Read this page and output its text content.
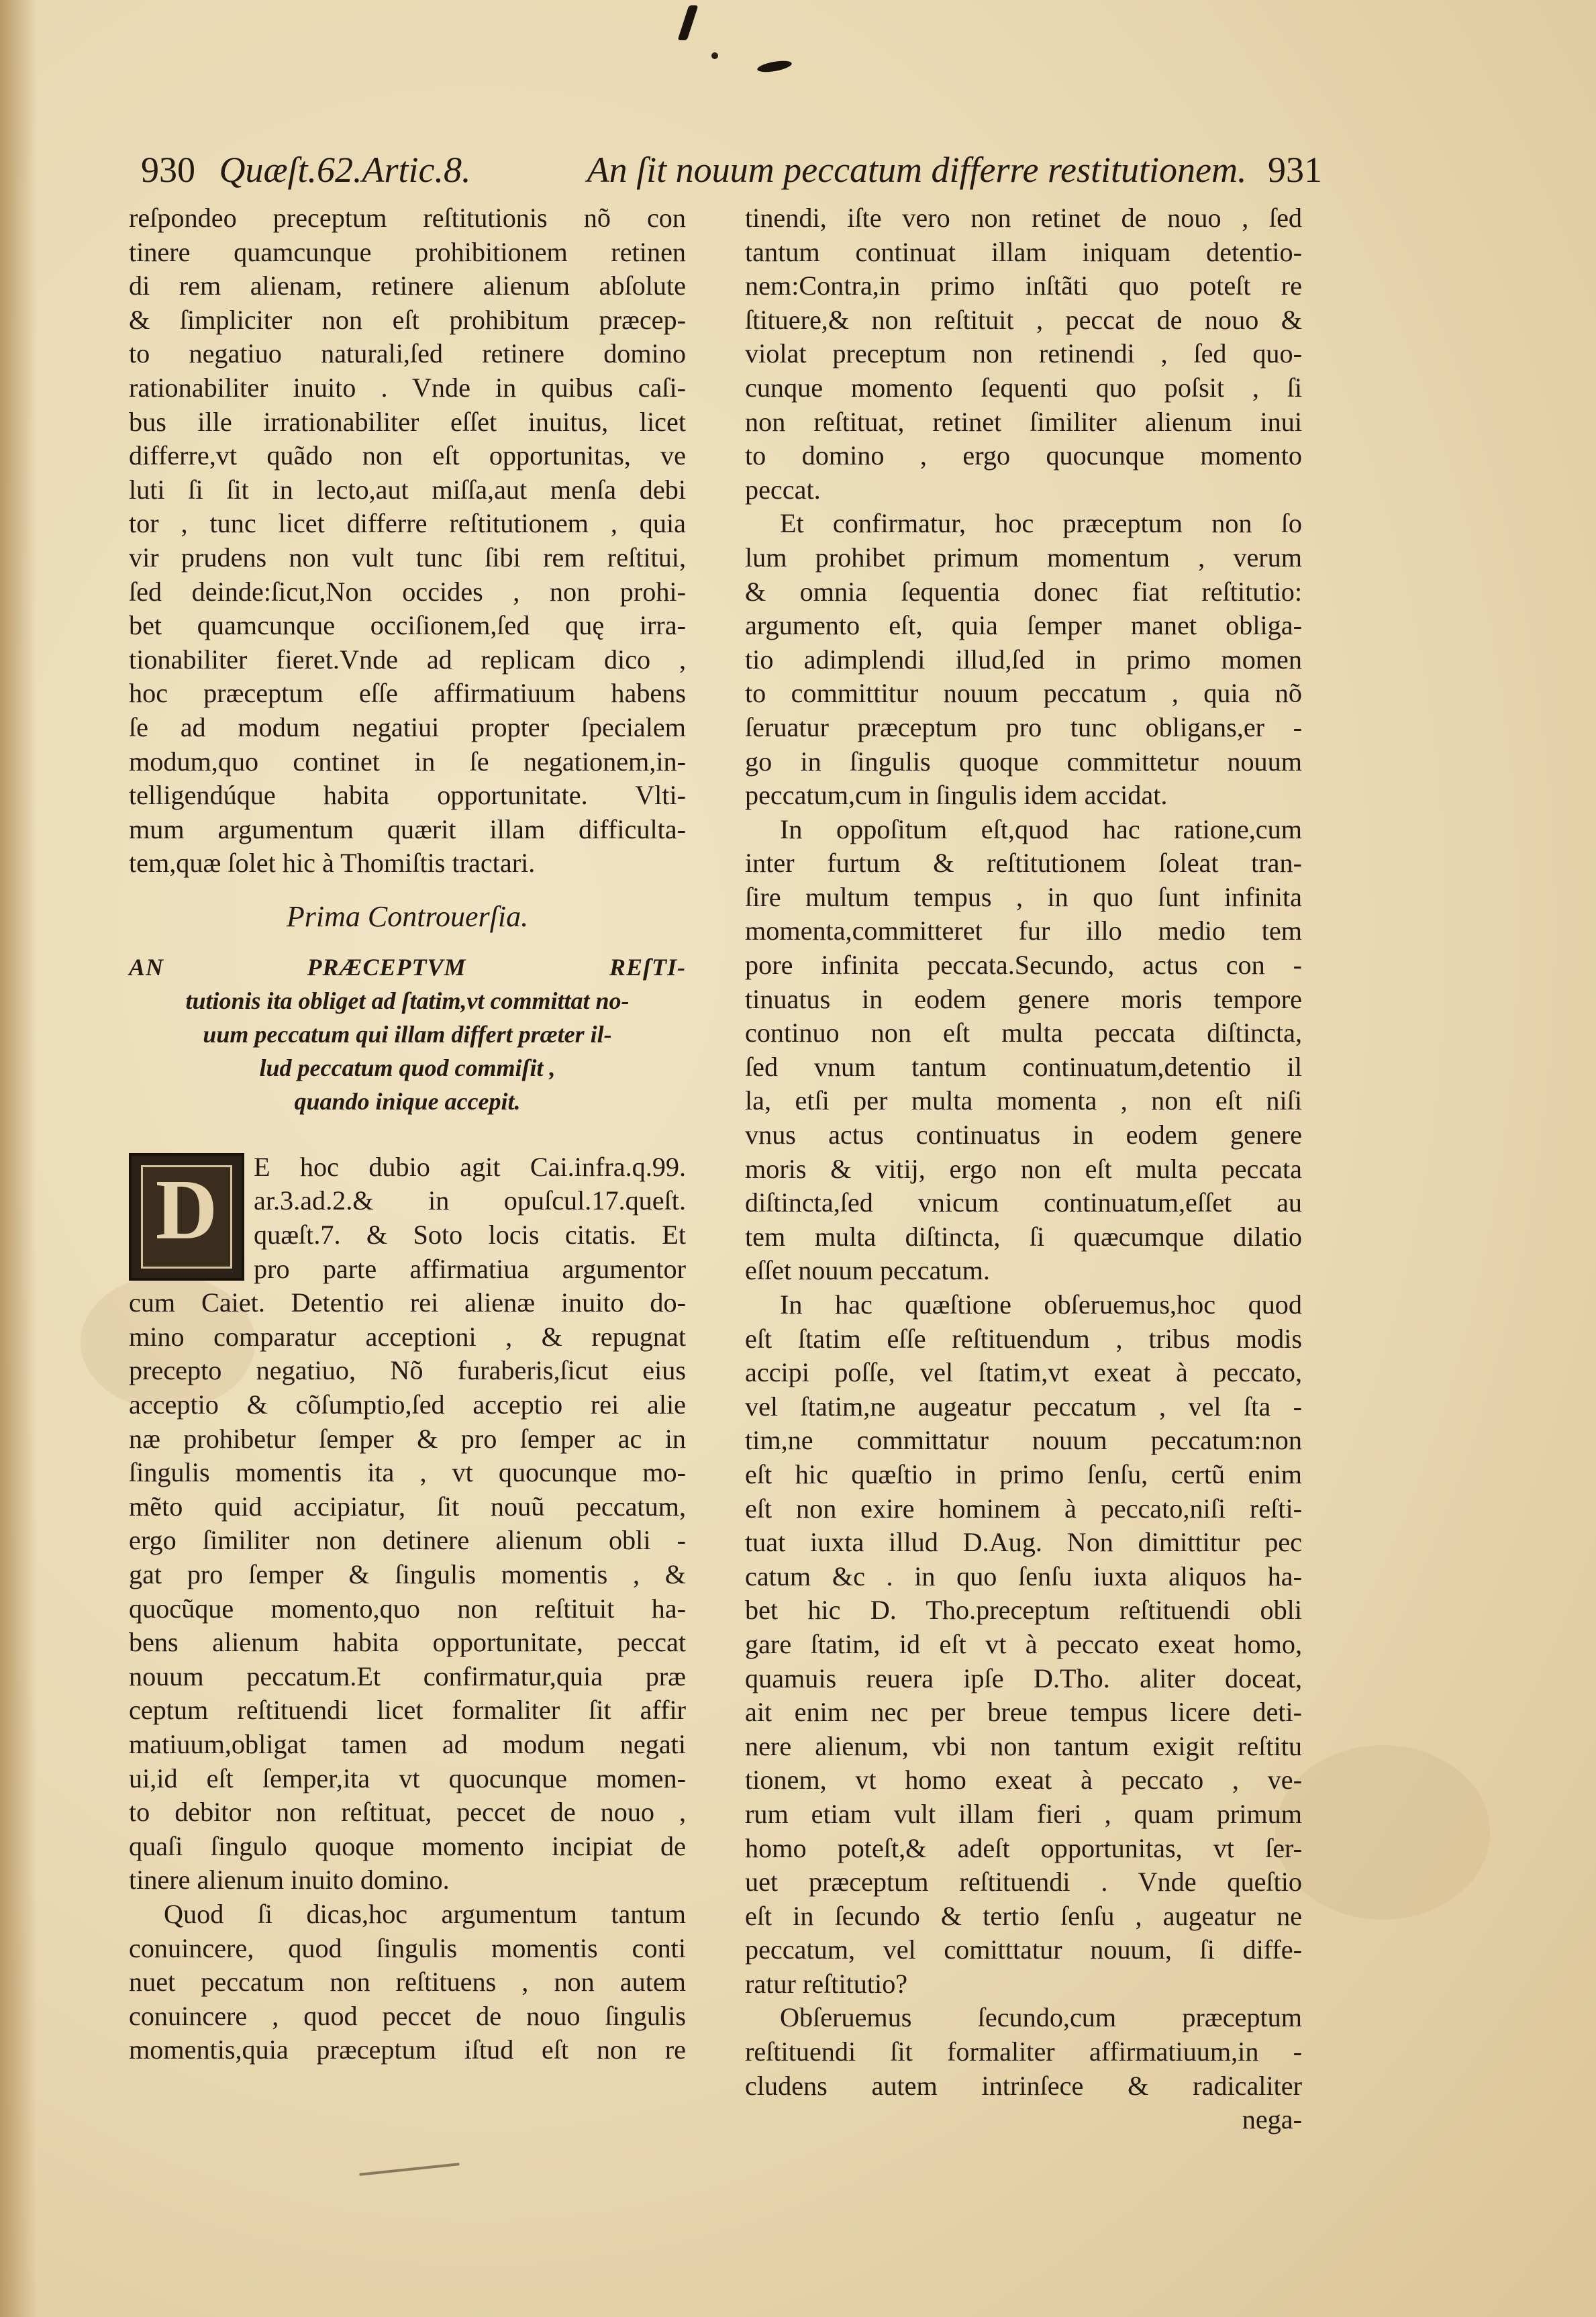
930 Quæſt.62.Artic.8.	An ſit nouum peccatum differre restitutionem. 931
reſpondeo preceptum reſtitutionis nõ con
tinere quamcunque prohibitionem retinen
di rem alienam, retinere alienum abſolute
& ſimpliciter non eſt prohibitum præcep-
to negatiuo naturali,ſed retinere domino
rationabiliter inuito . Vnde in quibus caſi-
bus ille irrationabiliter eſſet inuitus, licet
differre,vt quãdo non eſt opportunitas, ve
luti ſi ſit in lecto,aut miſſa,aut menſa debi
tor , tunc licet differre reſtitutionem , quia
vir prudens non vult tunc ſibi rem reſtitui,
ſed deinde:ſicut,Non occides , non prohi-
bet quamcunque occiſionem,ſed quę irra-
tionabiliter fieret.Vnde ad replicam dico ,
hoc præceptum eſſe affirmatiuum habens
ſe ad modum negatiui propter ſpecialem
modum,quo continet in ſe negationem,in-
telligendúque habita opportunitate. Vlti-
mum argumentum quærit illam difficulta-
tem,quæ ſolet hic à Thomiſtis tractari.
Prima Controuerſia.
AN PRÆCEPTVM REſTI-
tutionis ita obliget ad ſtatim,vt committat no-
uum peccatum qui illam differt præter il-
lud peccatum quod commiſit ,
quando inique accepit.
D	E hoc dubio agit Cai.infra.q.99.
ar.3.ad.2.& in opuſcul.17.queſt.
quæſt.7. & Soto locis citatis. Et
pro parte affirmatiua argumentor
cum Caiet. Detentio rei alienæ inuito do-
mino comparatur acceptioni , & repugnat
precepto negatiuo, Nõ furaberis,ſicut eius
acceptio & cõſumptio,ſed acceptio rei alie
næ prohibetur ſemper & pro ſemper ac in
ſingulis momentis ita , vt quocunque mo-
mẽto quid accipiatur, ſit nouũ peccatum,
ergo ſimiliter non detinere alienum obli -
gat pro ſemper & ſingulis momentis , &
quocũque momento,quo non reſtituit ha-
bens alienum habita opportunitate, peccat
nouum peccatum.Et confirmatur,quia præ
ceptum reſtituendi licet formaliter ſit affir
matiuum,obligat tamen ad modum negati
ui,id eſt ſemper,ita vt quocunque momen-
to debitor non reſtituat, peccet de nouo ,
quaſi ſingulo quoque momento incipiat de
tinere alienum inuito domino.
Quod ſi dicas,hoc argumentum tantum
conuincere, quod ſingulis momentis conti
nuet peccatum non reſtituens , non autem
conuincere , quod peccet de nouo ſingulis
momentis,quia præceptum iſtud eſt non re
tinendi, iſte vero non retinet de nouo , ſed
tantum continuat illam iniquam detentio-
nem:Contra,in primo inſtãti quo poteſt re
ſtituere,& non reſtituit , peccat de nouo &
violat preceptum non retinendi , ſed quo-
cunque momento ſequenti quo poſsit , ſi
non reſtituat, retinet ſimiliter alienum inui
to domino , ergo quocunque momento
peccat.
Et confirmatur, hoc præceptum non ſo
lum prohibet primum momentum , verum
& omnia ſequentia donec fiat reſtitutio:
argumento eſt, quia ſemper manet obliga-
tio adimplendi illud,ſed in primo momen
to committitur nouum peccatum , quia nõ
ſeruatur præceptum pro tunc obligans,er -
go in ſingulis quoque committetur nouum
peccatum,cum in ſingulis idem accidat.
In oppoſitum eſt,quod hac ratione,cum
inter furtum & reſtitutionem ſoleat tran-
ſire multum tempus , in quo ſunt infinita
momenta,committeret fur illo medio tem
pore infinita peccata.Secundo, actus con -
tinuatus in eodem genere moris tempore
continuo non eſt multa peccata diſtincta,
ſed vnum tantum continuatum,detentio il
la, etſi per multa momenta , non eſt niſi
vnus actus continuatus in eodem genere
moris & vitij, ergo non eſt multa peccata
diſtincta,ſed vnicum continuatum,eſſet au
tem multa diſtincta, ſi quæcumque dilatio
eſſet nouum peccatum.
In hac quæſtione obſeruemus,hoc quod
eſt ſtatim eſſe reſtituendum , tribus modis
accipi poſſe, vel ſtatim,vt exeat à peccato,
vel ſtatim,ne augeatur peccatum , vel ſta -
tim,ne committatur nouum peccatum:non
eſt hic quæſtio in primo ſenſu, certũ enim
eſt non exire hominem à peccato,niſi reſti-
tuat iuxta illud D.Aug. Non dimittitur pec
catum &c . in quo ſenſu iuxta aliquos ha-
bet hic D. Tho.preceptum reſtituendi obli
gare ſtatim, id eſt vt à peccato exeat homo,
quamuis reuera ipſe D.Tho. aliter doceat,
ait enim nec per breue tempus licere deti-
nere alienum, vbi non tantum exigit reſtitu
tionem, vt homo exeat à peccato , ve-
rum etiam vult illam fieri , quam primum
homo poteſt,& adeſt opportunitas, vt ſer-
uet præceptum reſtituendi . Vnde queſtio
eſt in ſecundo & tertio ſenſu , augeatur ne
peccatum, vel comitttatur nouum, ſi diffe-
ratur reſtitutio?
Obſeruemus ſecundo,cum præceptum
reſtituendi ſit formaliter affirmatiuum,in -
cludens autem intrinſece & radicaliter
nega-
